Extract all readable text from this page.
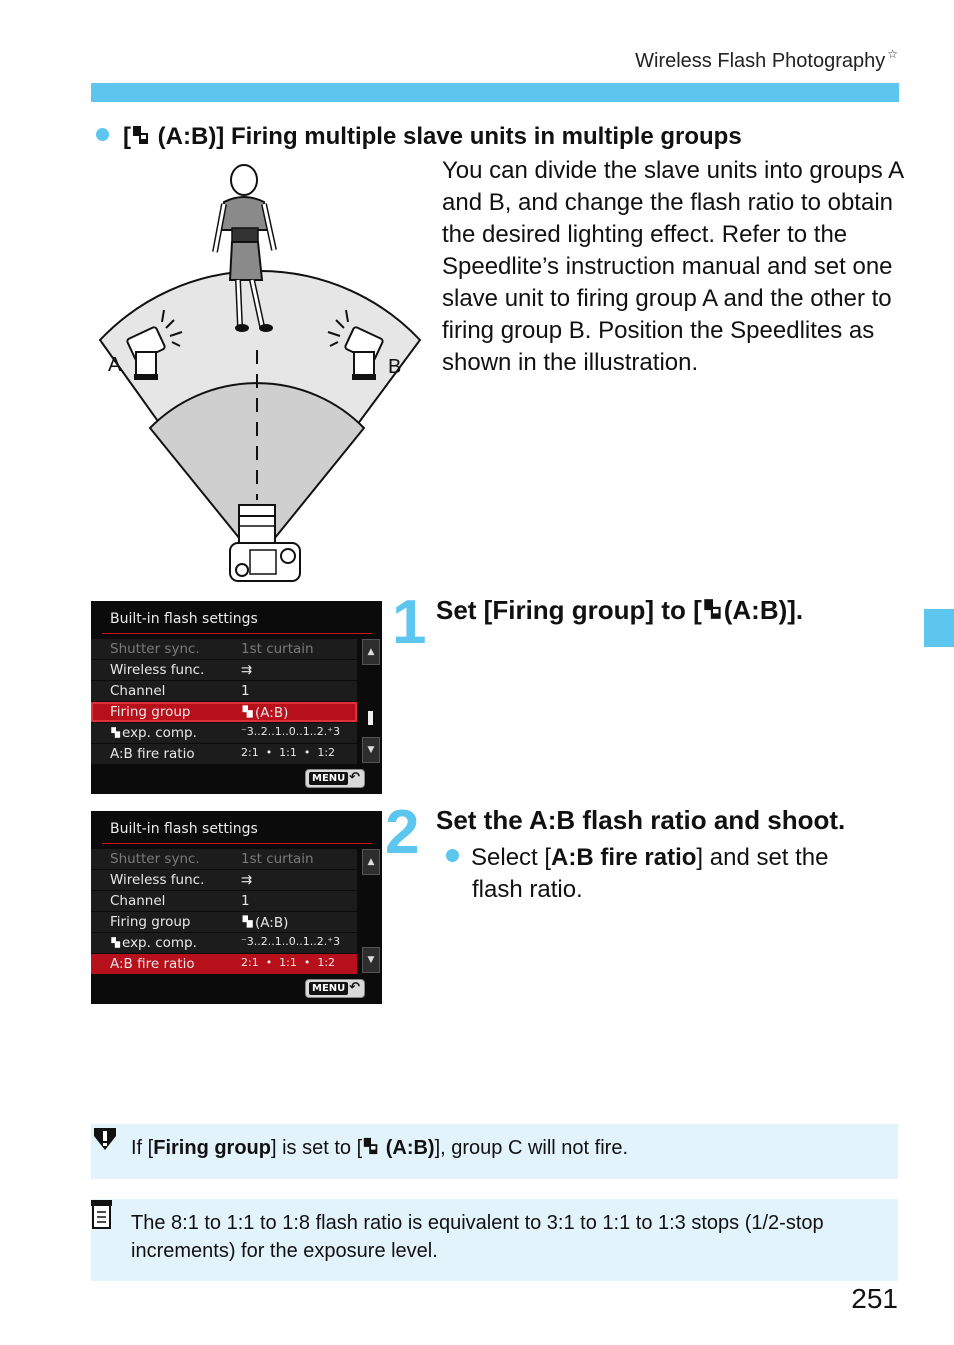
Wireless Flash Photography ☆
[ (A:B)] Firing multiple slave units in multiple groups
You can divide the slave units into groups A and B, and change the flash ratio to obtain the desired lighting effect. Refer to the Speedlite’s instruction manual and set one slave unit to firing group A and the other to firing group B. Position the Speedlites as shown in the illustration.
A	B
Built-in flash settings
Shutter sync.	1st curtain
Wireless func.	⇉
Channel	1
Firing group	(A:B)
exp. comp.	⁻3..2..1..0..1..2.⁺3
A:B fire ratio	2:1  •  1:1  •  1:2
▲
▼
MENU ↶
1 Set [Firing group] to [ (A:B)].
Built-in flash settings
Shutter sync.	1st curtain
Wireless func.	⇉
Channel	1
Firing group	(A:B)
exp. comp.	⁻3..2..1..0..1..2.⁺3
A:B fire ratio	2:1  •  1:1  •  1:2
▲
▼
MENU ↶
2 Set the A:B flash ratio and shoot.
Select [A:B fire ratio] and set the
flash ratio.
If [Firing group] is set to [ (A:B)], group C will not fire.
The 8:1 to 1:1 to 1:8 flash ratio is equivalent to 3:1 to 1:1 to 1:3 stops (1/2-stop increments) for the exposure level.
251
